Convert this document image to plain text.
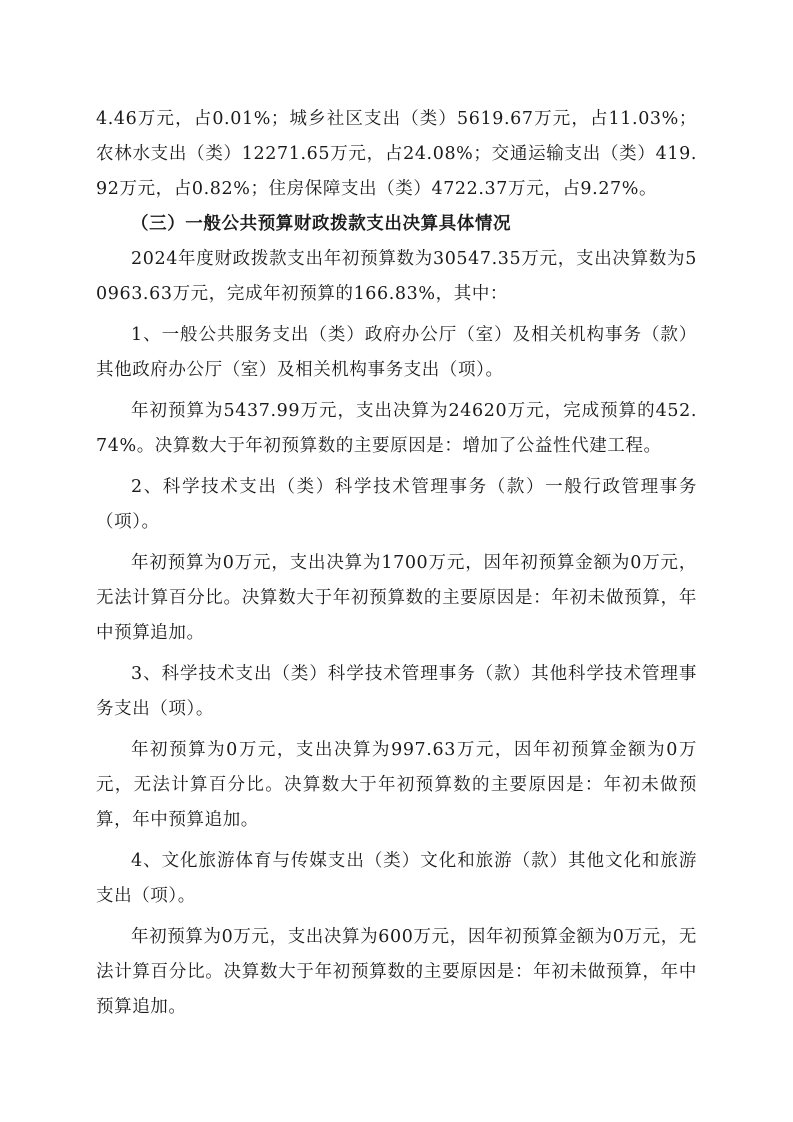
4.46万元，占0.01%；城乡社区支出（类）5619.67万元，占11.03%；农林水支出（类）12271.65万元，占24.08%；交通运输支出（类）419.92万元，占0.82%；住房保障支出（类）4722.37万元，占9.27%。

（三）一般公共预算财政拨款支出决算具体情况

2024年度财政拨款支出年初预算数为30547.35万元，支出决算数为50963.63万元，完成年初预算的166.83%，其中：

1、一般公共服务支出（类）政府办公厅（室）及相关机构事务（款）其他政府办公厅（室）及相关机构事务支出（项）。

年初预算为5437.99万元，支出决算为24620万元，完成预算的452.74%。决算数大于年初预算数的主要原因是：增加了公益性代建工程。

2、科学技术支出（类）科学技术管理事务（款）一般行政管理事务（项）。

年初预算为0万元，支出决算为1700万元，因年初预算金额为0万元，无法计算百分比。决算数大于年初预算数的主要原因是：年初未做预算，年中预算追加。

3、科学技术支出（类）科学技术管理事务（款）其他科学技术管理事务支出（项）。

年初预算为0万元，支出决算为997.63万元，因年初预算金额为0万元，无法计算百分比。决算数大于年初预算数的主要原因是：年初未做预算，年中预算追加。

4、文化旅游体育与传媒支出（类）文化和旅游（款）其他文化和旅游支出（项）。

年初预算为0万元，支出决算为600万元，因年初预算金额为0万元，无法计算百分比。决算数大于年初预算数的主要原因是：年初未做预算，年中预算追加。
